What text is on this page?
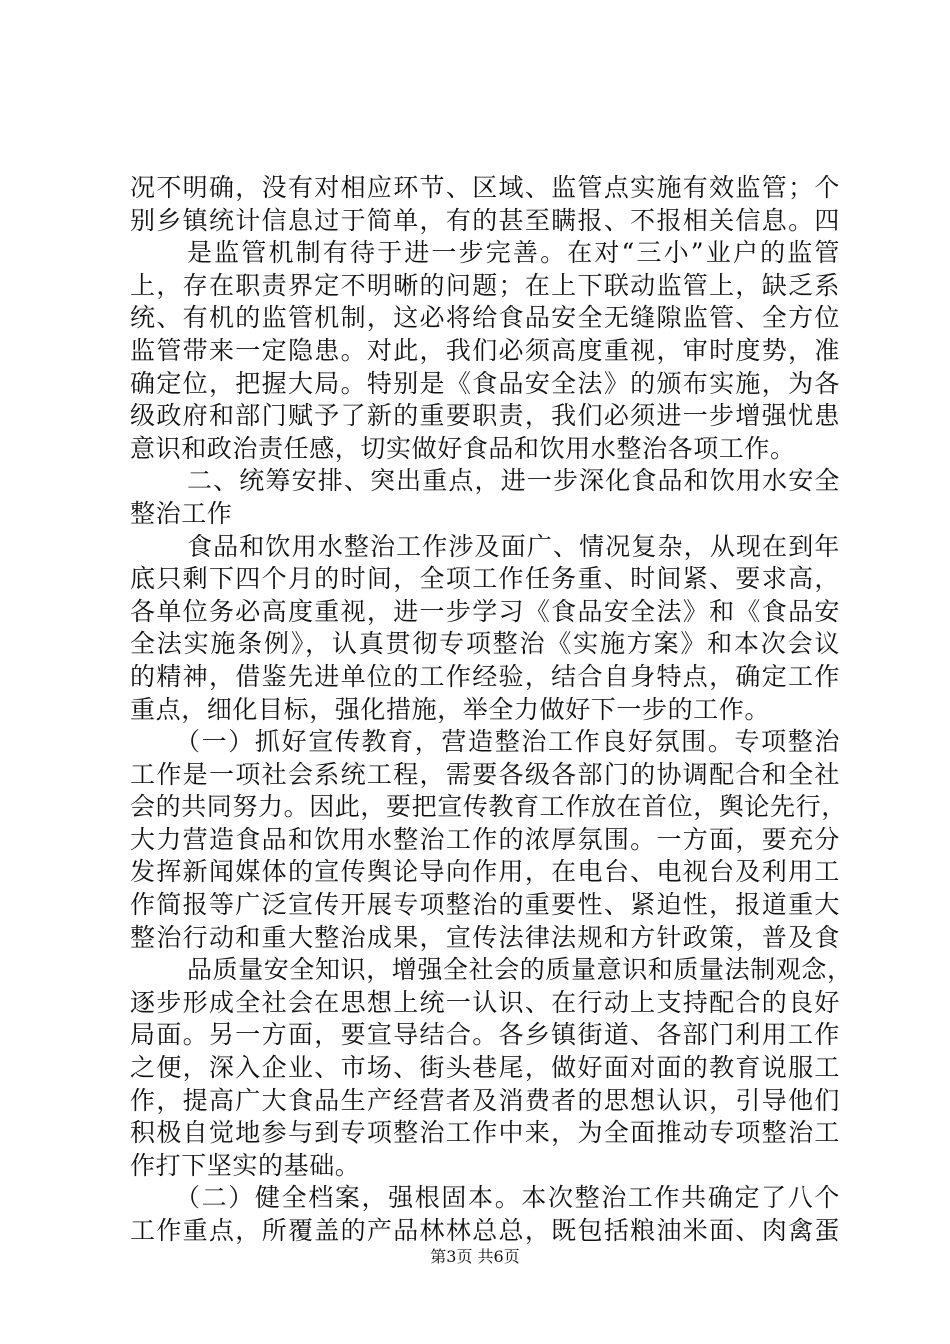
况不明确，没有对相应环节、区域、监管点实施有效监管；个
别乡镇统计信息过于简单，有的甚至瞒报、不报相关信息。四
是监管机制有待于进一步完善。在对“三小”业户的监管
上，存在职责界定不明晰的问题；在上下联动监管上，缺乏系
统、有机的监管机制，这必将给食品安全无缝隙监管、全方位
监管带来一定隐患。对此，我们必须高度重视，审时度势，准
确定位，把握大局。特别是《食品安全法》的颁布实施，为各
级政府和部门赋予了新的重要职责，我们必须进一步增强忧患
意识和政治责任感，切实做好食品和饮用水整治各项工作。
二、统筹安排、突出重点，进一步深化食品和饮用水安全
整治工作
食品和饮用水整治工作涉及面广、情况复杂，从现在到年
底只剩下四个月的时间，全项工作任务重、时间紧、要求高，
各单位务必高度重视，进一步学习《食品安全法》和《食品安
全法实施条例》，认真贯彻专项整治《实施方案》和本次会议
的精神，借鉴先进单位的工作经验，结合自身特点，确定工作
重点，细化目标，强化措施，举全力做好下一步的工作。
（一）抓好宣传教育，营造整治工作良好氛围。专项整治
工作是一项社会系统工程，需要各级各部门的协调配合和全社
会的共同努力。因此，要把宣传教育工作放在首位，舆论先行，
大力营造食品和饮用水整治工作的浓厚氛围。一方面，要充分
发挥新闻媒体的宣传舆论导向作用，在电台、电视台及利用工
作简报等广泛宣传开展专项整治的重要性、紧迫性，报道重大
整治行动和重大整治成果，宣传法律法规和方针政策，普及食
品质量安全知识，增强全社会的质量意识和质量法制观念，
逐步形成全社会在思想上统一认识、在行动上支持配合的良好
局面。另一方面，要宣导结合。各乡镇街道、各部门利用工作
之便，深入企业、市场、街头巷尾，做好面对面的教育说服工
作，提高广大食品生产经营者及消费者的思想认识，引导他们
积极自觉地参与到专项整治工作中来，为全面推动专项整治工
作打下坚实的基础。
（二）健全档案，强根固本。本次整治工作共确定了八个
工作重点，所覆盖的产品林林总总，既包括粮油米面、肉禽蛋
第3页 共6页
